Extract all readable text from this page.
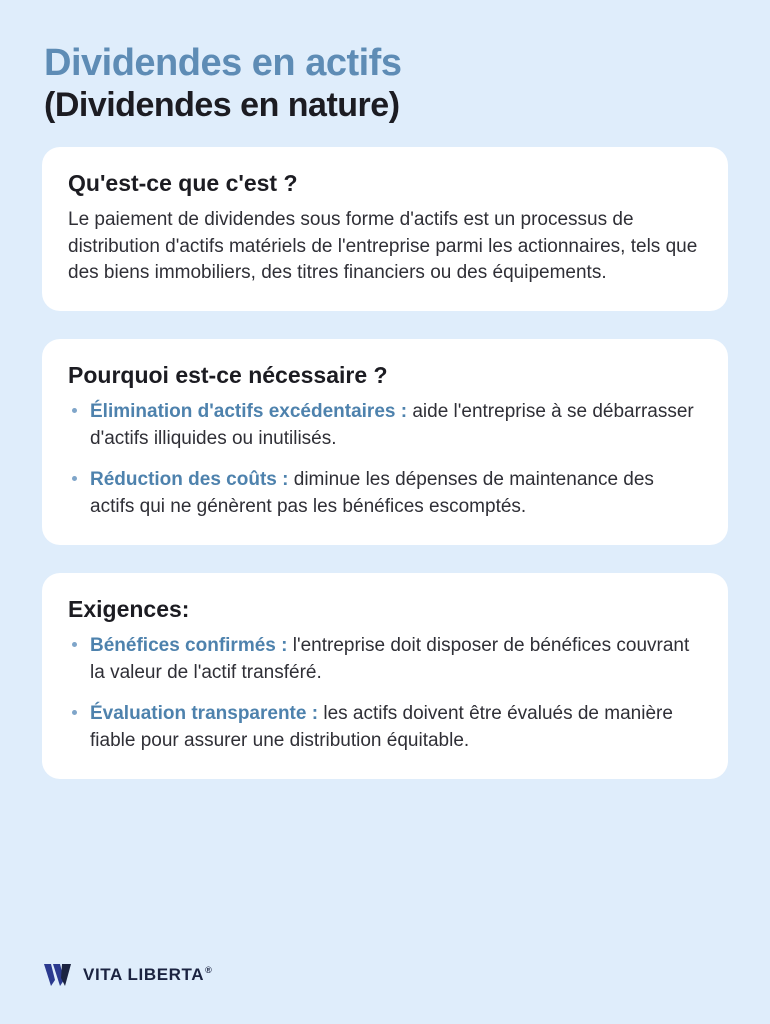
Dividendes en actifs
(Dividendes en nature)
Qu'est-ce que c'est ?

Le paiement de dividendes sous forme d'actifs est un processus de distribution d'actifs matériels de l'entreprise parmi les actionnaires, tels que des biens immobiliers, des titres financiers ou des équipements.

Pourquoi est-ce nécessaire ?
Élimination d'actifs excédentaires : aide l'entreprise à se débarrasser d'actifs illiquides ou inutilisés.
Réduction des coûts : diminue les dépenses de maintenance des actifs qui ne génèrent pas les bénéfices escomptés.
Exigences:
Bénéfices confirmés : l'entreprise doit disposer de bénéfices couvrant la valeur de l'actif transféré.
Évaluation transparente : les actifs doivent être évalués de manière fiable pour assurer une distribution équitable.
VITA LIBERTA®
